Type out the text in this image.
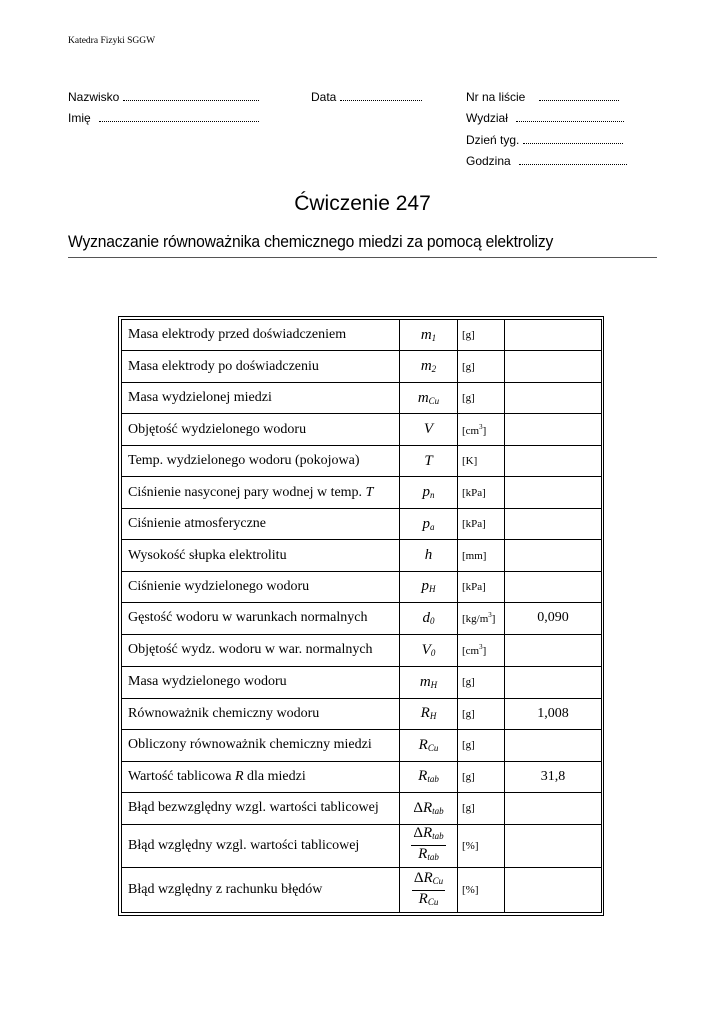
Katedra Fizyki SGGW
Nazwisko
Imię
Data	Nr na liście
Wydział
Dzień tyg.
Godzina
Ćwiczenie 247
Wyznaczanie równoważnika chemicznego miedzi za pomocą elektrolizy
Masa elektrody przed doświadczeniem	$m_1$	[g]	
Masa elektrody po doświadczeniu	$m_2$	[g]	
Masa wydzielonej miedzi	$m_{Cu}$	[g]	
Objętość wydzielonego wodoru	V	$[cm^3]$	
Temp. wydzielonego wodoru (pokojowa)	T	[K]	
Ciśnienie nasyconej pary wodnej w temp. T	$p_n$	[kPa]	
Ciśnienie atmosferyczne	$p_a$	[kPa]	
Wysokość słupka elektrolitu	h	[mm]	
Ciśnienie wydzielonego wodoru	$p_H$	[kPa]	
Gęstość wodoru w warunkach normalnych	$d_0$	$[kg/m^3]$	0,090
Objętość wydz. wodoru w war. normalnych	$V_0$	$[cm^3]$	
Masa wydzielonego wodoru	$m_H$	[g]	
Równoważnik chemiczny wodoru	$R_H$	[g]	1,008
Obliczony równoważnik chemiczny miedzi	$R_{Cu}$	[g]	
Wartość tablicowa R dla miedzi	$R_{tab}$	[g]	31,8
Błąd bezwzględny wzgl. wartości tablicowej	$\Delta R_{tab}$	[g]	
Błąd względny wzgl. wartości tablicowej	$\frac{\Delta R_{tab}}{R_{tab}}$	[%]	
Błąd względny z rachunku błędów	$\frac{\Delta R_{Cu}}{R_{Cu}}$	[%]	
